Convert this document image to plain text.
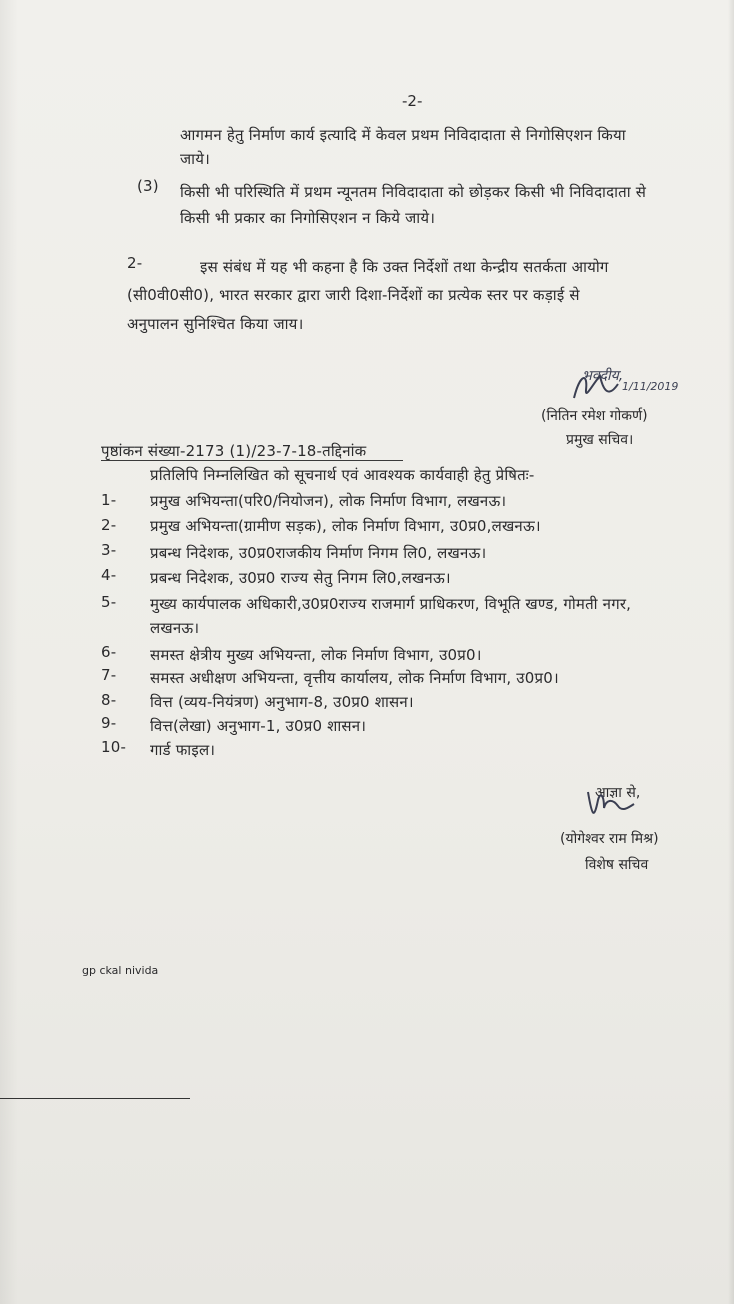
-2-
आगमन हेतु निर्माण कार्य इत्यादि में केवल प्रथम निविदादाता से निगोसिएशन किया
जाये।
(3) किसी भी परिस्थिति में प्रथम न्यूनतम निविदादाता को छोड़कर किसी भी निविदादाता से
किसी भी प्रकार का निगोसिएशन न किये जाये।
2-	इस संबंध में यह भी कहना है कि उक्त निर्देशों तथा केन्द्रीय सतर्कता आयोग
(सी0वी0सी0), भारत सरकार द्वारा जारी दिशा-निर्देशों का प्रत्येक स्तर पर कड़ाई से
अनुपालन सुनिश्चित किया जाय।
भवदीय,
1/11/2019
(नितिन रमेश गोकर्ण)
प्रमुख सचिव।
पृष्ठांकन संख्या-2173 (1)/23-7-18-तद्दिनांक
प्रतिलिपि निम्नलिखित को सूचनार्थ एवं आवश्यक कार्यवाही हेतु प्रेषितः-
1- प्रमुख अभियन्ता(परि0/नियोजन), लोक निर्माण विभाग, लखनऊ।
2- प्रमुख अभियन्ता(ग्रामीण सड़क), लोक निर्माण विभाग, उ0प्र0,लखनऊ।
3- प्रबन्ध निदेशक, उ0प्र0राजकीय निर्माण निगम लि0, लखनऊ।
4- प्रबन्ध निदेशक, उ0प्र0 राज्य सेतु निगम लि0,लखनऊ।
5- मुख्य कार्यपालक अधिकारी,उ0प्र0राज्य राजमार्ग प्राधिकरण, विभूति खण्ड, गोमती नगर,
लखनऊ।
6- समस्त क्षेत्रीय मुख्य अभियन्ता, लोक निर्माण विभाग, उ0प्र0।
7- समस्त अधीक्षण अभियन्ता, वृत्तीय कार्यालय, लोक निर्माण विभाग, उ0प्र0।
8- वित्त (व्यय-नियंत्रण) अनुभाग-8, उ0प्र0 शासन।
9- वित्त(लेखा) अनुभाग-1, उ0प्र0 शासन।
10- गार्ड फाइल।
आज्ञा से,
(योगेश्वर राम मिश्र)
विशेष सचिव
gp ckal nivida
